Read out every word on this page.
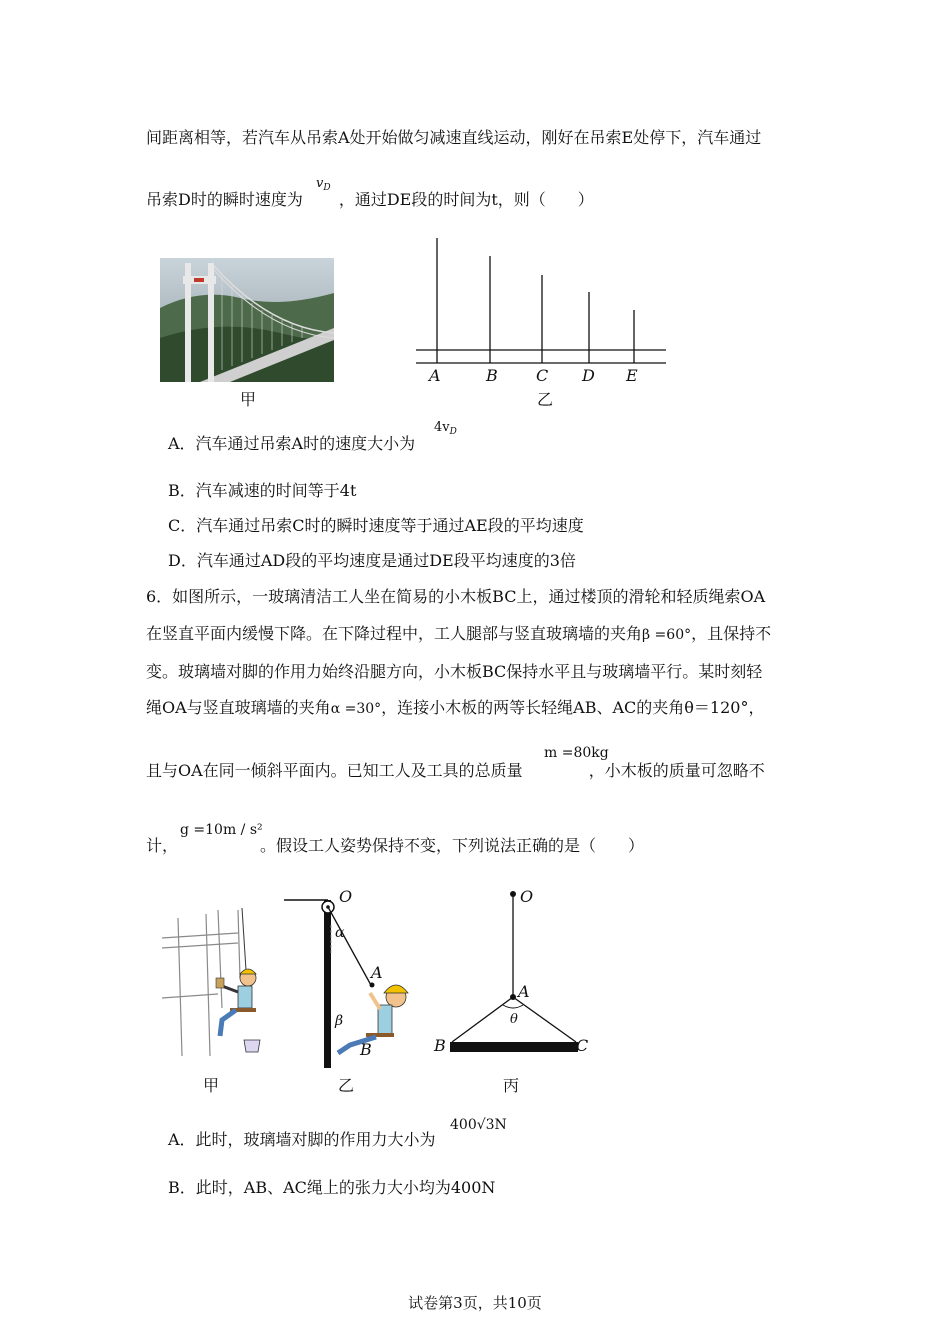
间距离相等，若汽车从吊索A处开始做匀减速直线运动，刚好在吊索E处停下，汽车通过
吊索D时的瞬时速度为 ，通过DE段的时间为t，则（　　）
$v_D$
甲
A	B C D E
乙
A．汽车通过吊索A时的速度大小为
$4v_D$
B．汽车减速的时间等于4t
C．汽车通过吊索C时的瞬时速度等于通过AE段的平均速度
D．汽车通过AD段的平均速度是通过DE段平均速度的3倍
6．如图所示，一玻璃清洁工人坐在简易的小木板BC上，通过楼顶的滑轮和轻质绳索OA
在竖直平面内缓慢下降。在下降过程中，工人腿部与竖直玻璃墙的夹角β =60°，且保持不
变。玻璃墙对脚的作用力始终沿腿方向，小木板BC保持水平且与玻璃墙平行。某时刻轻
绳OA与竖直玻璃墙的夹角α =30°，连接小木板的两等长轻绳AB、AC的夹角θ＝120°，
且与OA在同一倾斜平面内。已知工人及工具的总质量	，小木板的质量可忽略不
m =80kg
计，	。假设工人姿势保持不变，下列说法正确的是（　　）
g =10m / s²
甲
O
α
A
β
B
乙
O
A
θ
B	C
丙
A．此时，玻璃墙对脚的作用力大小为
400√3N
B．此时，AB、AC绳上的张力大小均为400N
试卷第3页，共10页
